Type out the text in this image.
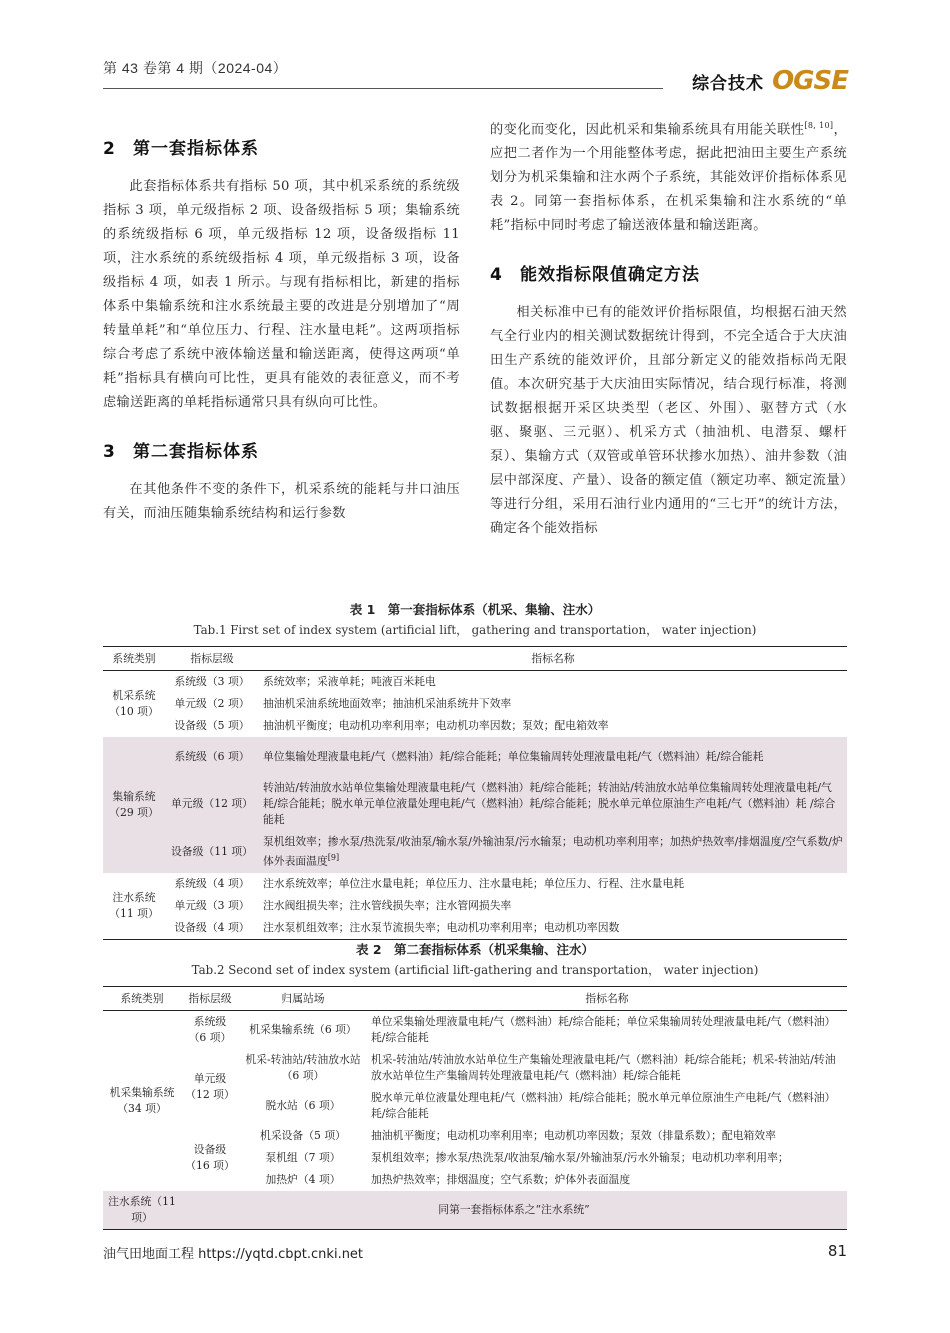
第 43 卷第 4 期（2024-04）
综合技术 OGSE
2 第一套指标体系

此套指标体系共有指标 50 项，其中机采系统的系统级指标 3 项，单元级指标 2 项、设备级指标 5 项；集输系统的系统级指标 6 项，单元级指标 12 项，设备级指标 11 项，注水系统的系统级指标 4 项，单元级指标 3 项，设备级指标 4 项，如表 1 所示。与现有指标相比，新建的指标体系中集输系统和注水系统最主要的改进是分别增加了“周转量单耗”和“单位压力、行程、注水量电耗”。这两项指标综合考虑了系统中液体输送量和输送距离，使得这两项“单耗”指标具有横向可比性，更具有能效的表征意义，而不考虑输送距离的单耗指标通常只具有纵向可比性。

3 第二套指标体系

在其他条件不变的条件下，机采系统的能耗与井口油压有关，而油压随集输系统结构和运行参数

的变化而变化，因此机采和集输系统具有用能关联性[8, 10]，应把二者作为一个用能整体考虑，据此把油田主要生产系统划分为机采集输和注水两个子系统，其能效评价指标体系见表 2。同第一套指标体系，在机采集输和注水系统的“单耗”指标中同时考虑了输送液体量和输送距离。

4 能效指标限值确定方法

相关标准中已有的能效评价指标限值，均根据石油天然气全行业内的相关测试数据统计得到，不完全适合于大庆油田生产系统的能效评价，且部分新定义的能效指标尚无限值。本次研究基于大庆油田实际情况，结合现行标准，将测试数据根据开采区块类型（老区、外围）、驱替方式（水驱、聚驱、三元驱）、机采方式（抽油机、电潜泵、螺杆泵）、集输方式（双管或单管环状掺水加热）、油井参数（油层中部深度、产量）、设备的额定值（额定功率、额定流量）等进行分组，采用石油行业内通用的“三七开”的统计方法，确定各个能效指标

表 1　第一套指标体系（机采、集输、注水）
Tab.1 First set of index system (artificial lift， gathering and transportation， water injection)
系统类别	指标层级	指标名称
机采系统（10 项）	系统级（3 项）	系统效率；采液单耗；吨液百米耗电
	单元级（2 项）	抽油机采油系统地面效率；抽油机采油系统井下效率
	设备级（5 项）	抽油机平衡度；电动机功率利用率；电动机功率因数；泵效；配电箱效率
集输系统（29 项）	系统级（6 项）	单位集输处理液量电耗/气（燃料油）耗/综合能耗；单位集输周转处理液量电耗/气（燃料油）耗/综合能耗
	单元级（12 项）	转油站/转油放水站单位集输处理液量电耗/气（燃料油）耗/综合能耗；转油站/转油放水站单位集输周转处理液量电耗/气耗/综合能耗；脱水单元单位液量处理电耗/气（燃料油）耗/综合能耗；脱水单元单位原油生产电耗/气（燃料油）耗 /综合能耗
	设备级（11 项）	泵机组效率；掺水泵/热洗泵/收油泵/输水泵/外输油泵/污水输泵；电动机功率利用率；加热炉热效率/排烟温度/空气系数/炉体外表面温度[9]
注水系统（11 项）	系统级（4 项）	注水系统效率；单位注水量电耗；单位压力、注水量电耗；单位压力、行程、注水量电耗
	单元级（3 项）	注水阀组损失率；注水管线损失率；注水管网损失率
	设备级（4 项）	注水泵机组效率；注水泵节流损失率；电动机功率利用率；电动机功率因数
表 2　第二套指标体系（机采集输、注水）
Tab.2 Second set of index system (artificial lift-gathering and transportation， water injection)
系统类别	指标层级	归属站场	指标名称
机采集输系统（34 项）	系统级（6 项）	机采集输系统（6 项）	单位采集输处理液量电耗/气（燃料油）耗/综合能耗；单位采集输周转处理液量电耗/气（燃料油）耗/综合能耗
	单元级（12 项）	机采-转油站/转油放水站（6 项）	机采-转油站/转油放水站单位生产集输处理液量电耗/气（燃料油）耗/综合能耗；机采-转油站/转油放水站单位生产集输周转处理液量电耗/气（燃料油）耗/综合能耗
		脱水站（6 项）	脱水单元单位液量处理电耗/气（燃料油）耗/综合能耗；脱水单元单位原油生产电耗/气（燃料油）耗/综合能耗
	设备级（16 项）	机采设备（5 项）	抽油机平衡度；电动机功率利用率；电动机功率因数；泵效（排量系数）；配电箱效率
		泵机组（7 项）	泵机组效率；掺水泵/热洗泵/收油泵/输水泵/外输油泵/污水外输泵；电动机功率利用率；
		加热炉（4 项）	加热炉热效率；排烟温度；空气系数；炉体外表面温度
注水系统（11 项）	同第一套指标体系之“注水系统”		
油气田地面工程 https://yqtd.cbpt.cnki.net	81
